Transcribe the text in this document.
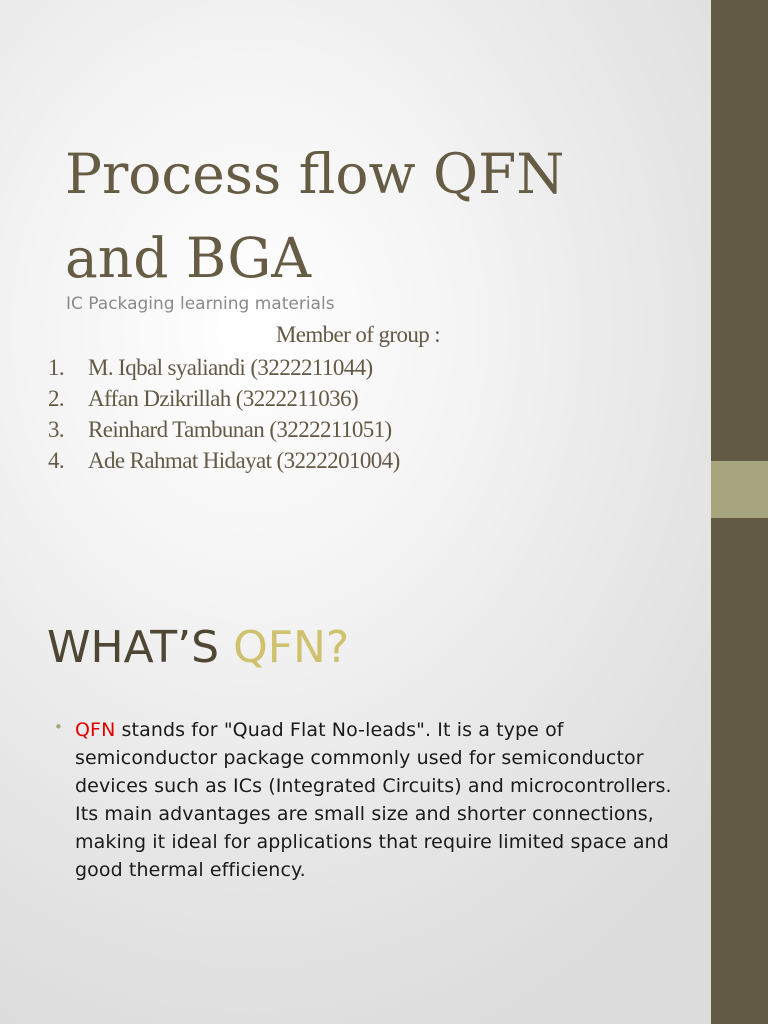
Process flow QFN
and BGA
IC Packaging learning materials
Member of group :
1. M. Iqbal syaliandi (3222211044)
2. Affan Dzikrillah (3222211036)
3. Reinhard Tambunan (3222211051)
4. Ade Rahmat Hidayat (3222201004)
WHAT’S QFN?
• QFN stands for "Quad Flat No-leads". It is a type of
semiconductor package commonly used for semiconductor
devices such as ICs (Integrated Circuits) and microcontrollers.
Its main advantages are small size and shorter connections,
making it ideal for applications that require limited space and
good thermal efficiency.
